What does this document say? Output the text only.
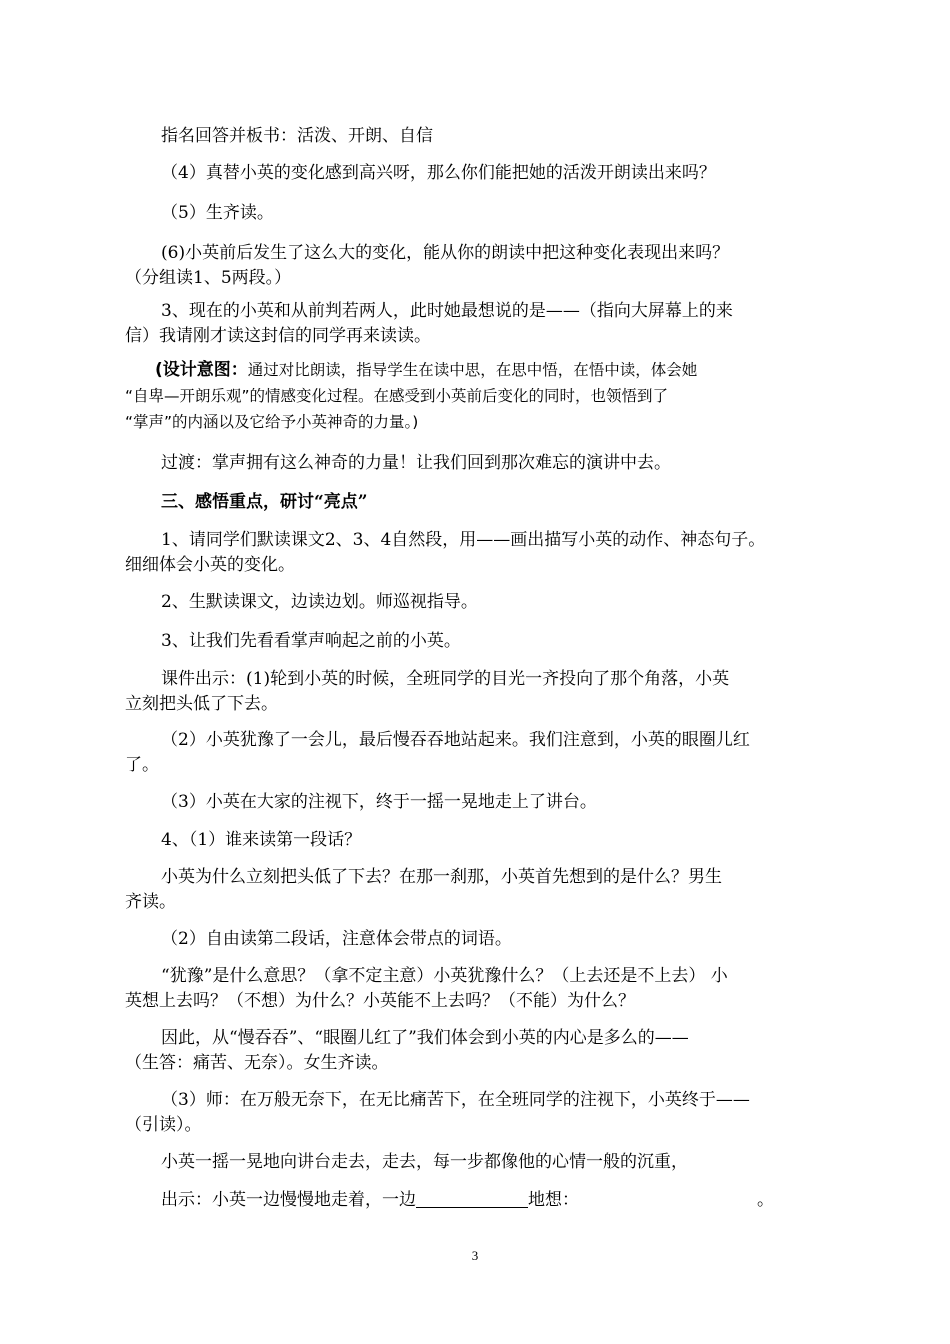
指名回答并板书：活泼、开朗、自信
（4）真替小英的变化感到高兴呀，那么你们能把她的活泼开朗读出来吗？
（5）生齐读。
(6)小英前后发生了这么大的变化，能从你的朗读中把这种变化表现出来吗？
（分组读1、5两段。）
3、现在的小英和从前判若两人，此时她最想说的是——（指向大屏幕上的来
信）我请刚才读这封信的同学再来读读。
(设计意图：通过对比朗读，指导学生在读中思，在思中悟，在悟中读，体会她
“自卑—开朗乐观”的情感变化过程。在感受到小英前后变化的同时，也领悟到了
“掌声”的内涵以及它给予小英神奇的力量。)
过渡：掌声拥有这么神奇的力量！让我们回到那次难忘的演讲中去。
三、感悟重点，研讨“亮点”
1、请同学们默读课文2、3、4自然段，用——画出描写小英的动作、神态句子。
细细体会小英的变化。
2、生默读课文，边读边划。师巡视指导。
3、让我们先看看掌声响起之前的小英。
课件出示：(1)轮到小英的时候，全班同学的目光一齐投向了那个角落，小英
立刻把头低了下去。
（2）小英犹豫了一会儿，最后慢吞吞地站起来。我们注意到，小英的眼圈儿红
了。
（3）小英在大家的注视下，终于一摇一晃地走上了讲台。
4、（1）谁来读第一段话？
小英为什么立刻把头低了下去？在那一刹那，小英首先想到的是什么？男生
齐读。
（2）自由读第二段话，注意体会带点的词语。
“犹豫”是什么意思？（拿不定主意）小英犹豫什么？（上去还是不上去） 小
英想上去吗？（不想）为什么？小英能不上去吗？（不能）为什么？
因此，从“慢吞吞”、“眼圈儿红了”我们体会到小英的内心是多么的——
（生答：痛苦、无奈）。女生齐读。
（3）师：在万般无奈下，在无比痛苦下，在全班同学的注视下，小英终于——
（引读）。
小英一摇一晃地向讲台走去，走去，每一步都像他的心情一般的沉重，
出示：小英一边慢慢地走着，一边	地想：	。
3
